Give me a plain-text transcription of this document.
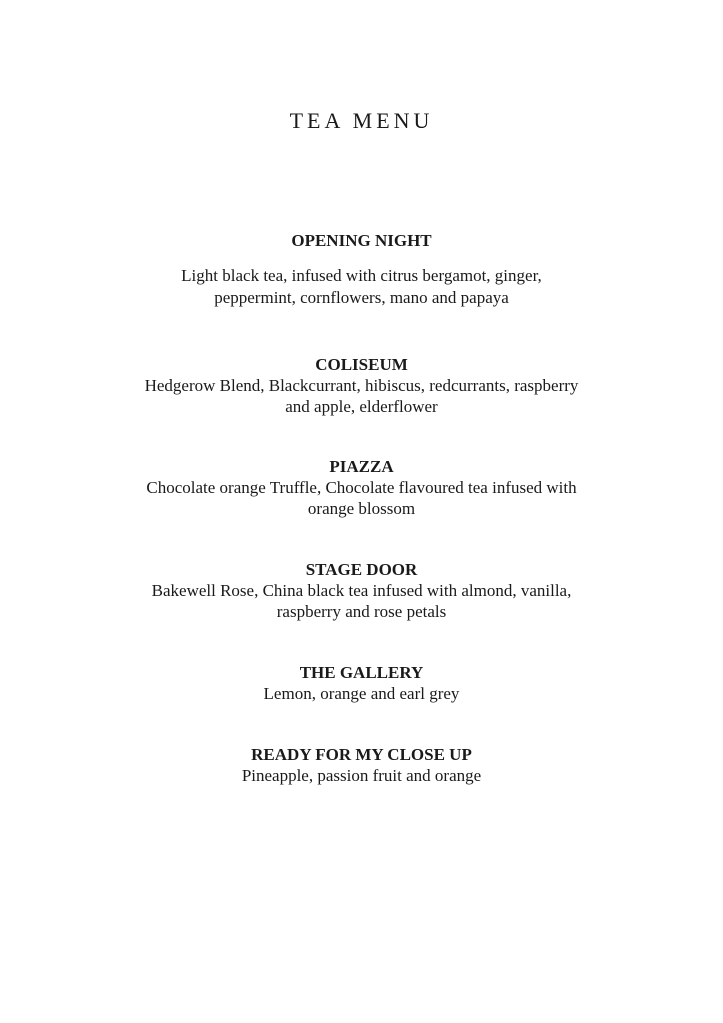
TEA MENU

OPENING NIGHT

Light black tea, infused with citrus bergamot, ginger,

peppermint, cornflowers, mano and papaya

COLISEUM

Hedgerow Blend, Blackcurrant, hibiscus, redcurrants, raspberry

and apple, elderflower

PIAZZA

Chocolate orange Truffle, Chocolate flavoured tea infused with

orange blossom

STAGE DOOR

Bakewell Rose, China black tea infused with almond, vanilla,

raspberry and rose petals

THE GALLERY

Lemon, orange and earl grey

READY FOR MY CLOSE UP

Pineapple, passion fruit and orange
